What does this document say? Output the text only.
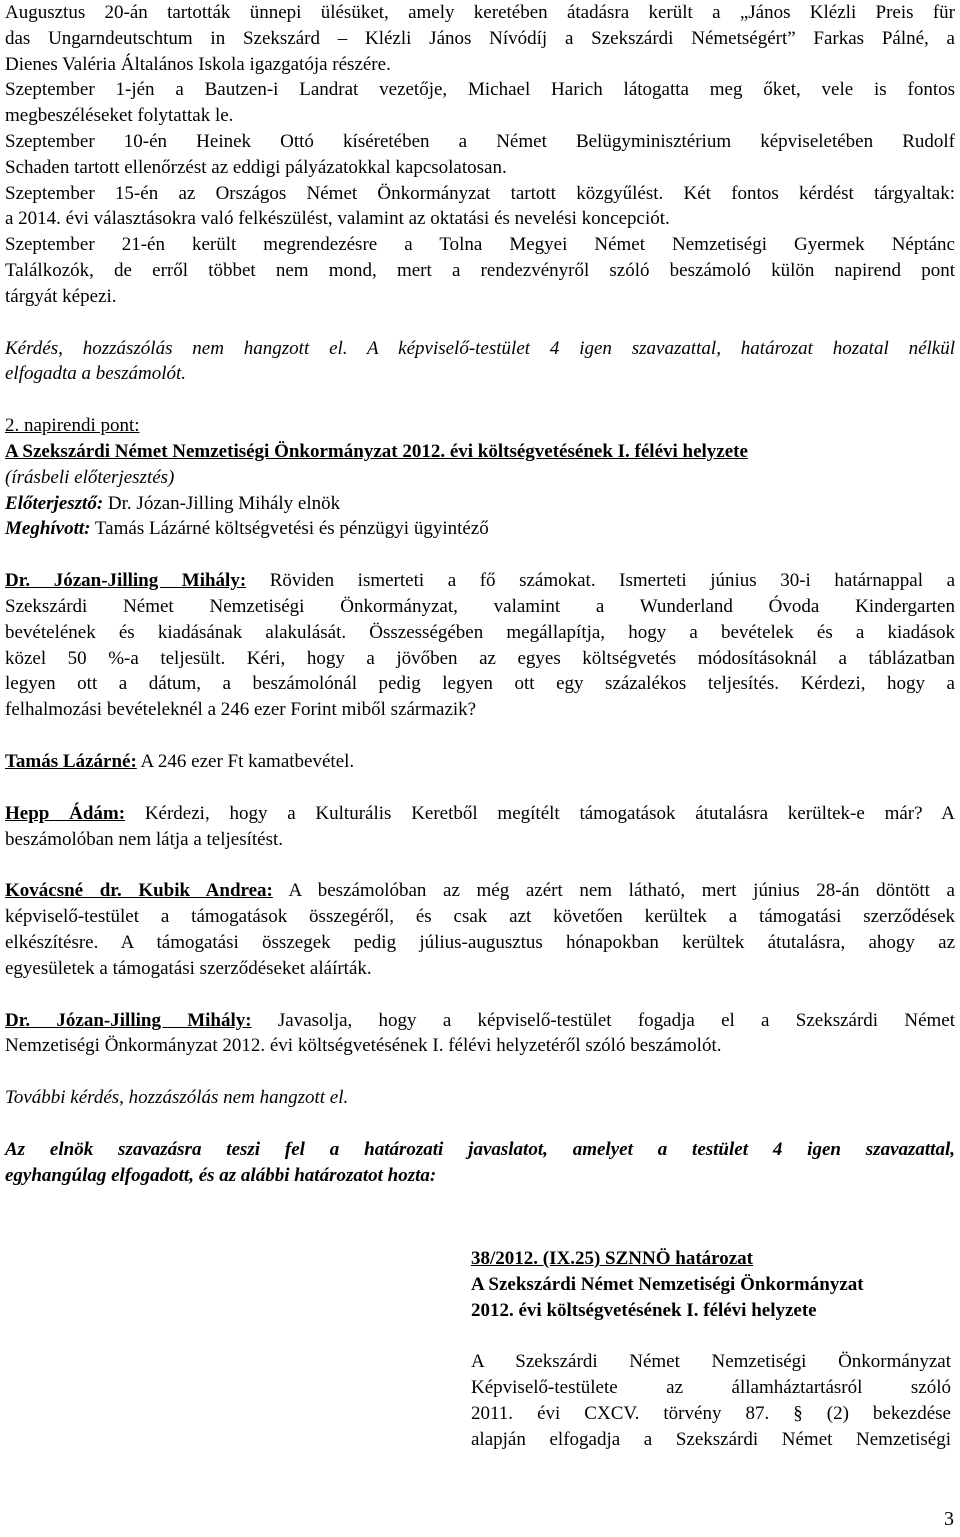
Augusztus 20-án tartották ünnepi ülésüket, amely keretében átadásra került a „János Klézli Preis für

das Ungarndeutschtum in Szekszárd – Klézli János Nívódíj a Szekszárdi Németségért” Farkas Pálné, a

Dienes Valéria Általános Iskola igazgatója részére.

Szeptember 1-jén a Bautzen-i Landrat vezetője, Michael Harich látogatta meg őket, vele is fontos

megbeszéléseket folytattak le.

Szeptember 10-én Heinek Ottó kíséretében a Német Belügyminisztérium képviseletében Rudolf

Schaden tartott ellenőrzést az eddigi pályázatokkal kapcsolatosan.

Szeptember 15-én az Országos Német Önkormányzat tartott közgyűlést. Két fontos kérdést tárgyaltak:

a 2014. évi választásokra való felkészülést, valamint az oktatási és nevelési koncepciót.

Szeptember 21-én került megrendezésre a Tolna Megyei Német Nemzetiségi Gyermek Néptánc

Találkozók, de erről többet nem mond, mert a rendezvényről szóló beszámoló külön napirend pont

tárgyát képezi.

Kérdés, hozzászólás nem hangzott el. A képviselő-testület 4 igen szavazattal, határozat hozatal nélkül

elfogadta a beszámolót.

2. napirendi pont:

A Szekszárdi Német Nemzetiségi Önkormányzat 2012. évi költségvetésének I. félévi helyzete

(írásbeli előterjesztés)

Előterjesztő: Dr. Józan-Jilling Mihály elnök

Meghívott: Tamás Lázárné költségvetési és pénzügyi ügyintéző

Dr. Józan-Jilling Mihály: Röviden ismerteti a fő számokat. Ismerteti június 30-i határnappal a

Szekszárdi Német Nemzetiségi Önkormányzat, valamint a Wunderland Óvoda Kindergarten

bevételének és kiadásának alakulását. Összességében megállapítja, hogy a bevételek és a kiadások

közel 50 %-a teljesült. Kéri, hogy a jövőben az egyes költségvetés módosításoknál a táblázatban

legyen ott a dátum, a beszámolónál pedig legyen ott egy százalékos teljesítés. Kérdezi, hogy a

felhalmozási bevételeknél a 246 ezer Forint miből származik?

Tamás Lázárné: A 246 ezer Ft kamatbevétel.

Hepp Ádám: Kérdezi, hogy a Kulturális Keretből megítélt támogatások átutalásra kerültek-e már? A

beszámolóban nem látja a teljesítést.

Kovácsné dr. Kubik Andrea: A beszámolóban az még azért nem látható, mert június 28-án döntött a

képviselő-testület a támogatások összegéről, és csak azt követően kerültek a támogatási szerződések

elkészítésre. A támogatási összegek pedig július-augusztus hónapokban kerültek átutalásra, ahogy az

egyesületek a támogatási szerződéseket aláírták.

Dr. Józan-Jilling Mihály: Javasolja, hogy a képviselő-testület fogadja el a Szekszárdi Német

Nemzetiségi Önkormányzat 2012. évi költségvetésének I. félévi helyzetéről szóló beszámolót.

További kérdés, hozzászólás nem hangzott el.

Az elnök szavazásra teszi fel a határozati javaslatot, amelyet a testület 4 igen szavazattal,

egyhangúlag elfogadott, és az alábbi határozatot hozta:

38/2012. (IX.25) SZNNÖ határozat

A Szekszárdi Német Nemzetiségi Önkormányzat

2012. évi költségvetésének I. félévi helyzete

A Szekszárdi Német Nemzetiségi Önkormányzat

Képviselő-testülete az államháztartásról szóló

2011. évi CXCV. törvény 87. § (2) bekezdése

alapján elfogadja a Szekszárdi Német Nemzetiségi

3
